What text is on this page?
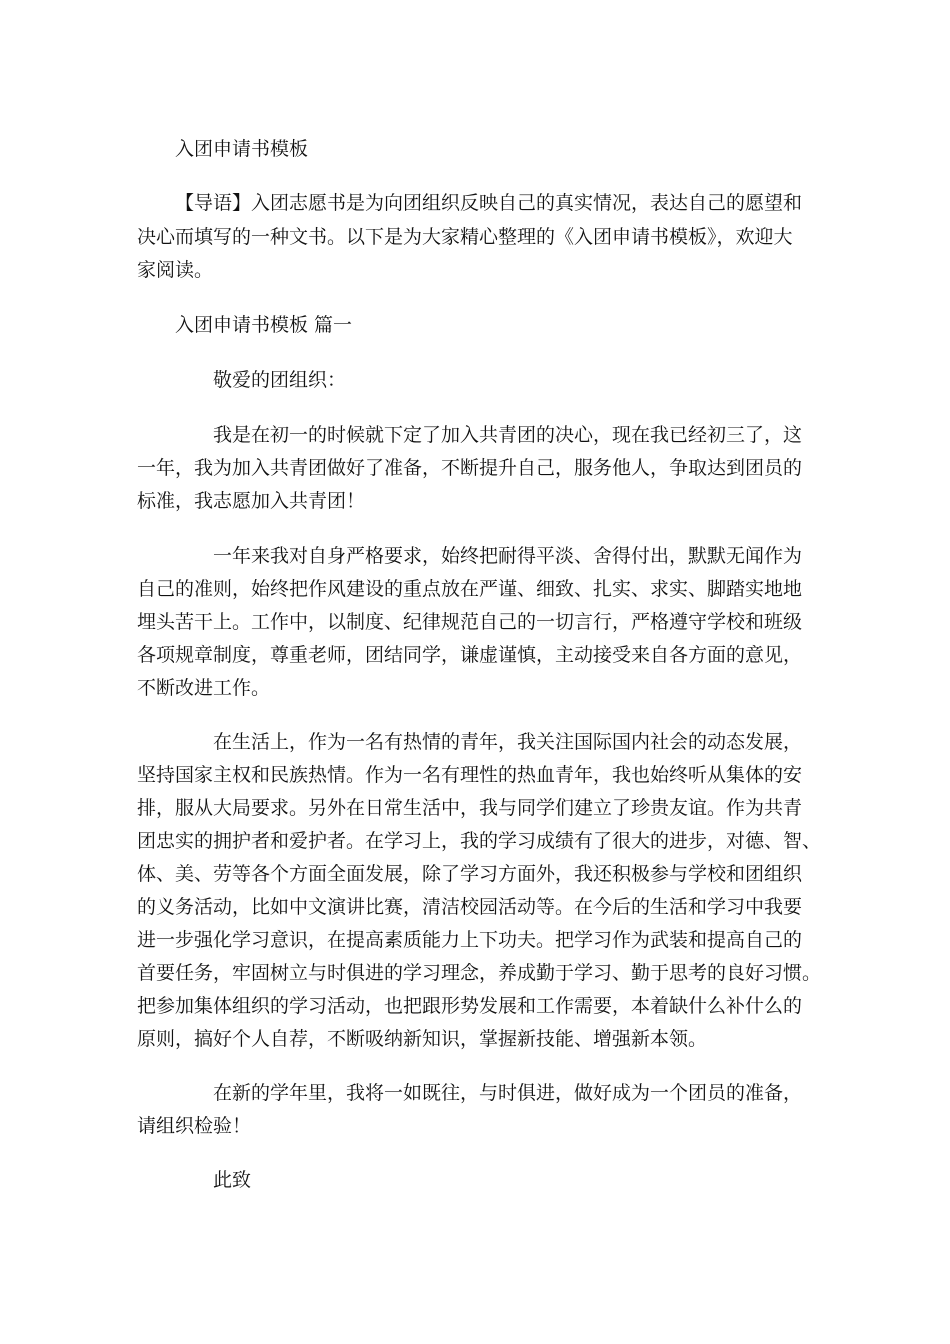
入团申请书模板
【导语】入团志愿书是为向团组织反映自己的真实情况，表达自己的愿望和
决心而填写的一种文书。以下是为大家精心整理的《入团申请书模板》，欢迎大
家阅读。
入团申请书模板 篇一
敬爱的团组织：
我是在初一的时候就下定了加入共青团的决心，现在我已经初三了，这
一年，我为加入共青团做好了准备，不断提升自己，服务他人，争取达到团员的
标准，我志愿加入共青团！
一年来我对自身严格要求，始终把耐得平淡、舍得付出，默默无闻作为
自己的准则，始终把作风建设的重点放在严谨、细致、扎实、求实、脚踏实地地
埋头苦干上。工作中，以制度、纪律规范自己的一切言行，严格遵守学校和班级
各项规章制度，尊重老师，团结同学，谦虚谨慎，主动接受来自各方面的意见，
不断改进工作。
在生活上，作为一名有热情的青年，我关注国际国内社会的动态发展，
坚持国家主权和民族热情。作为一名有理性的热血青年，我也始终听从集体的安
排，服从大局要求。另外在日常生活中，我与同学们建立了珍贵友谊。作为共青
团忠实的拥护者和爱护者。在学习上，我的学习成绩有了很大的进步，对德、智、
体、美、劳等各个方面全面发展，除了学习方面外，我还积极参与学校和团组织
的义务活动，比如中文演讲比赛，清洁校园活动等。在今后的生活和学习中我要
进一步强化学习意识，在提高素质能力上下功夫。把学习作为武装和提高自己的
首要任务，牢固树立与时俱进的学习理念，养成勤于学习、勤于思考的良好习惯。
把参加集体组织的学习活动，也把跟形势发展和工作需要，本着缺什么补什么的
原则，搞好个人自荐，不断吸纳新知识，掌握新技能、增强新本领。
在新的学年里，我将一如既往，与时俱进，做好成为一个团员的准备，
请组织检验！
此致
